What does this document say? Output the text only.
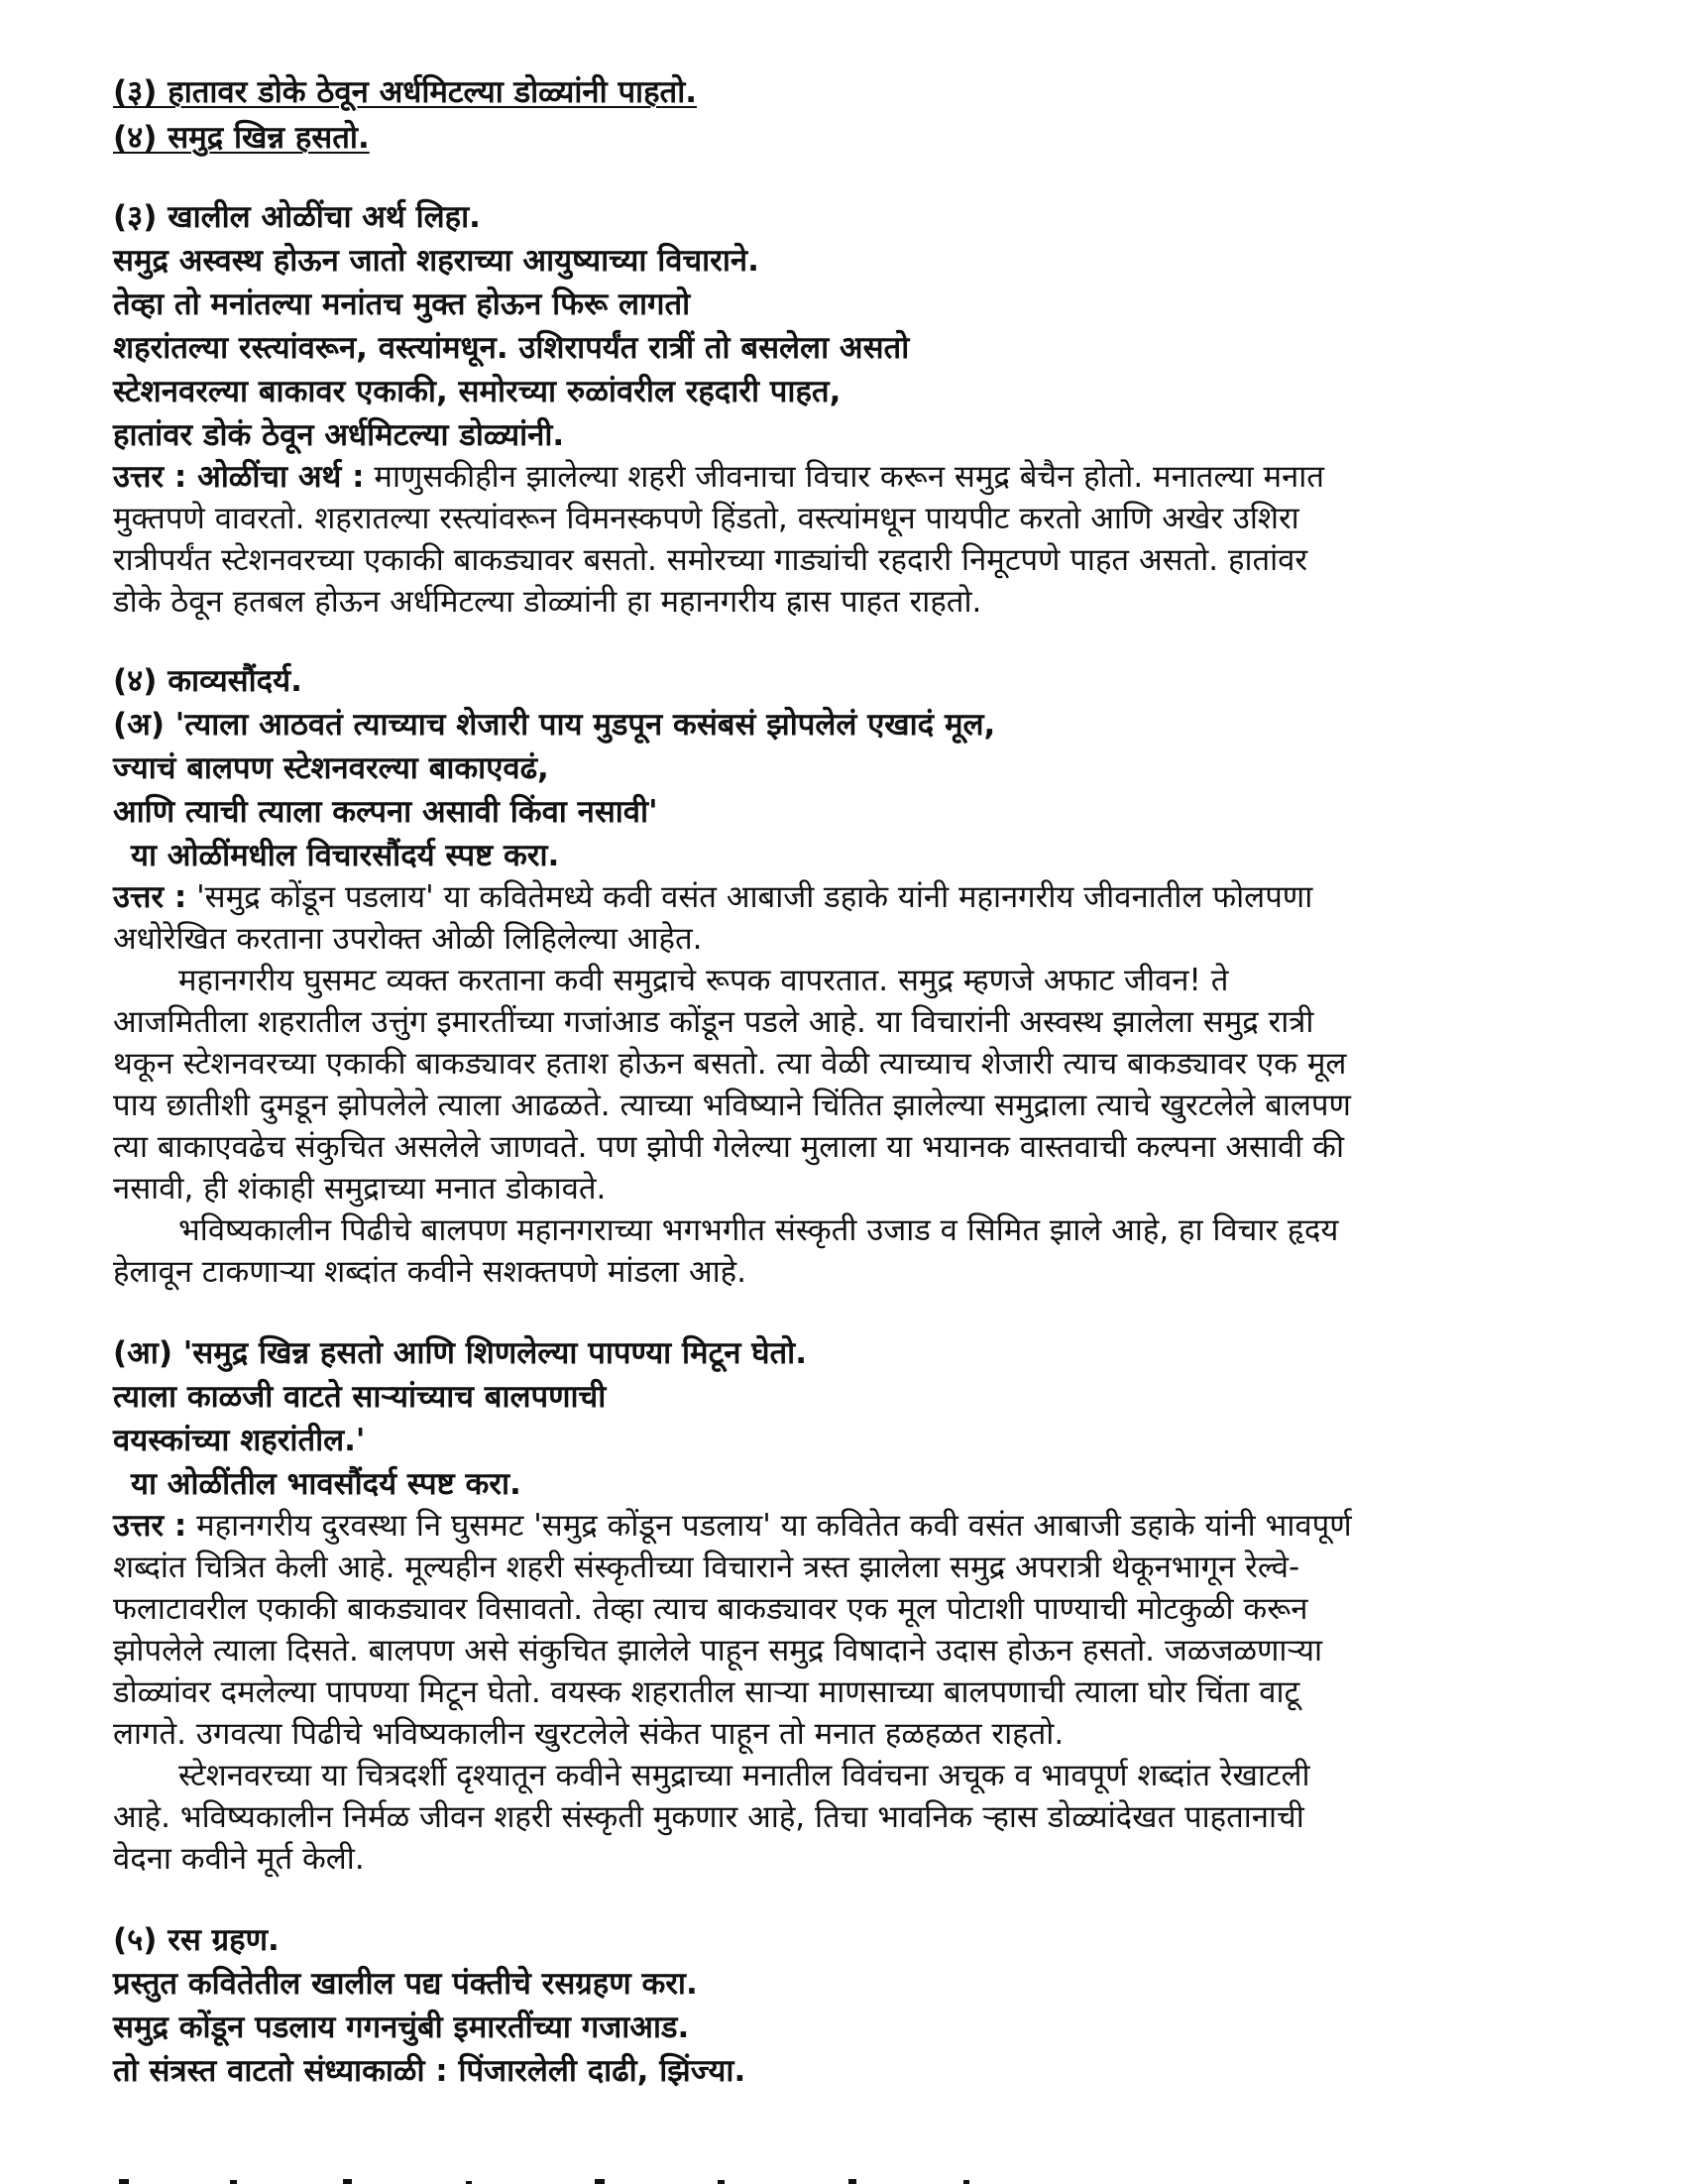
(३) हातावर डोके ठेवून अर्धमिटल्या डोळ्यांनी पाहतो.
(४) समुद्र खिन्न हसतो.
(३) खालील ओळींचा अर्थ लिहा.
समुद्र अस्वस्थ होऊन जातो शहराच्या आयुष्याच्या विचाराने.
तेव्हा तो मनांतल्या मनांतच मुक्त होऊन फिरू लागतो
शहरांतल्या रस्त्यांवरून, वस्त्यांमधून. उशिरापर्यंत रात्रीं तो बसलेला असतो
स्टेशनवरल्या बाकावर एकाकी, समोरच्या रुळांवरील रहदारी पाहत,
हातांवर डोकं ठेवून अर्धमिटल्या डोळ्यांनी.
उत्तर : ओळींचा अर्थ : माणुसकीहीन झालेल्या शहरी जीवनाचा विचार करून समुद्र बेचैन होतो. मनातल्या मनात
मुक्तपणे वावरतो. शहरातल्या रस्त्यांवरून विमनस्कपणे हिंडतो, वस्त्यांमधून पायपीट करतो आणि अखेर उशिरा
रात्रीपर्यंत स्टेशनवरच्या एकाकी बाकड्यावर बसतो. समोरच्या गाड्यांची रहदारी निमूटपणे पाहत असतो. हातांवर
डोके ठेवून हतबल होऊन अर्धमिटल्या डोळ्यांनी हा महानगरीय ह्रास पाहत राहतो.
(४) काव्यसौंदर्य.
(अ) 'त्याला आठवतं त्याच्याच शेजारी पाय मुडपून कसंबसं झोपलेलं एखादं मूल,
ज्याचं बालपण स्टेशनवरल्या बाकाएवढं,
आणि त्याची त्याला कल्पना असावी किंवा नसावी'
या ओळींमधील विचारसौंदर्य स्पष्ट करा.
उत्तर : 'समुद्र कोंडून पडलाय' या कवितेमध्ये कवी वसंत आबाजी डहाके यांनी महानगरीय जीवनातील फोलपणा
अधोरेखित करताना उपरोक्त ओळी लिहिलेल्या आहेत.
महानगरीय घुसमट व्यक्त करताना कवी समुद्राचे रूपक वापरतात. समुद्र म्हणजे अफाट जीवन! ते
आजमितीला शहरातील उत्तुंग इमारतींच्या गजांआड कोंडून पडले आहे. या विचारांनी अस्वस्थ झालेला समुद्र रात्री
थकून स्टेशनवरच्या एकाकी बाकड्यावर हताश होऊन बसतो. त्या वेळी त्याच्याच शेजारी त्याच बाकड्यावर एक मूल
पाय छातीशी दुमडून झोपलेले त्याला आढळते. त्याच्या भविष्याने चिंतित झालेल्या समुद्राला त्याचे खुरटलेले बालपण
त्या बाकाएवढेच संकुचित असलेले जाणवते. पण झोपी गेलेल्या मुलाला या भयानक वास्तवाची कल्पना असावी की
नसावी, ही शंकाही समुद्राच्या मनात डोकावते.
भविष्यकालीन पिढीचे बालपण महानगराच्या भगभगीत संस्कृती उजाड व सिमित झाले आहे, हा विचार हृदय
हेलावून टाकणाऱ्या शब्दांत कवीने सशक्तपणे मांडला आहे.
(आ) 'समुद्र खिन्न हसतो आणि शिणलेल्या पापण्या मिटून घेतो.
त्याला काळजी वाटते साऱ्यांच्याच बालपणाची
वयस्कांच्या शहरांतील.'
या ओळींतील भावसौंदर्य स्पष्ट करा.
उत्तर : महानगरीय दुरवस्था नि घुसमट 'समुद्र कोंडून पडलाय' या कवितेत कवी वसंत आबाजी डहाके यांनी भावपूर्ण
शब्दांत चित्रित केली आहे. मूल्यहीन शहरी संस्कृतीच्या विचाराने त्रस्त झालेला समुद्र अपरात्री थेकूनभागून रेल्वे-
फलाटावरील एकाकी बाकड्यावर विसावतो. तेव्हा त्याच बाकड्यावर एक मूल पोटाशी पाण्याची मोटकुळी करून
झोपलेले त्याला दिसते. बालपण असे संकुचित झालेले पाहून समुद्र विषादाने उदास होऊन हसतो. जळजळणाऱ्या
डोळ्यांवर दमलेल्या पापण्या मिटून घेतो. वयस्क शहरातील साऱ्या माणसाच्या बालपणाची त्याला घोर चिंता वाटू
लागते. उगवत्या पिढीचे भविष्यकालीन खुरटलेले संकेत पाहून तो मनात हळहळत राहतो.
स्टेशनवरच्या या चित्रदर्शी दृश्यातून कवीने समुद्राच्या मनातील विवंचना अचूक व भावपूर्ण शब्दांत रेखाटली
आहे. भविष्यकालीन निर्मळ जीवन शहरी संस्कृती मुकणार आहे, तिचा भावनिक ऱ्हास डोळ्यांदेखत पाहतानाची
वेदना कवीने मूर्त केली.
(५) रस ग्रहण.
प्रस्तुत कवितेतील खालील पद्य पंक्तीचे रसग्रहण करा.
समुद्र कोंडून पडलाय गगनचुंबी इमारतींच्या गजाआड.
तो संत्रस्त वाटतो संध्याकाळी : पिंजारलेली दाढी, झिंज्या.
